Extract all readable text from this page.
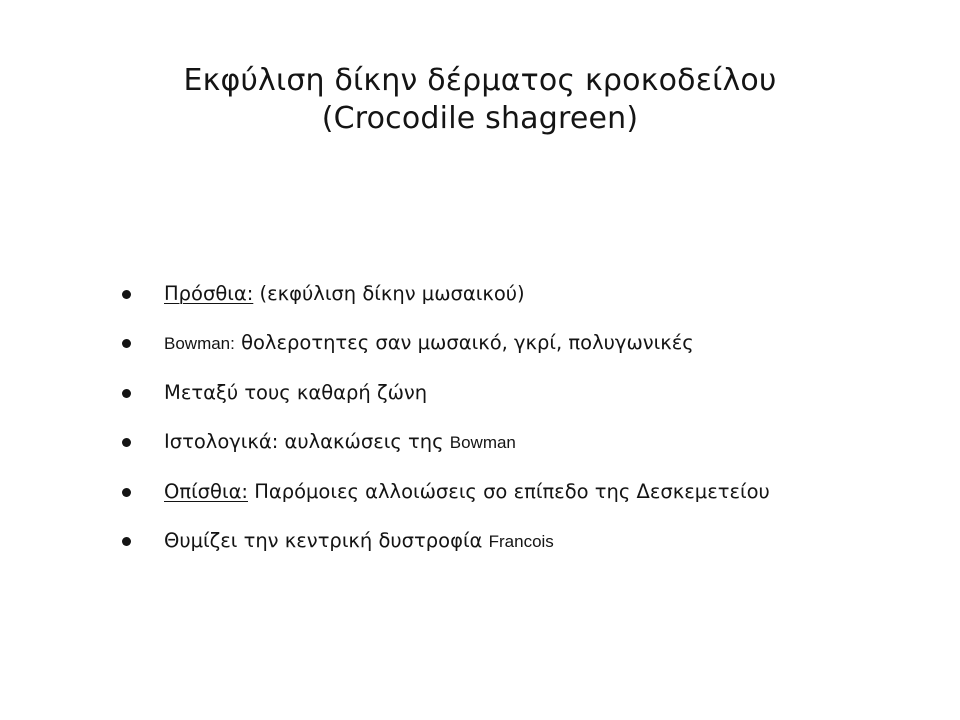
Εκφύλιση δίκην δέρματος κροκοδείλου
(Crocodile shagreen)
Πρόσθια: (εκφύλιση δίκην μωσαικού)
Bowman: θολεροτητες σαν μωσαικό, γκρί, πολυγωνικές
Μεταξύ τους καθαρή ζώνη
Ιστολογικά: αυλακώσεις της Bowman
Οπίσθια: Παρόμοιες αλλοιώσεις σο επίπεδο της Δεσκεμετείου
Θυμίζει την κεντρική δυστροφία Francois
